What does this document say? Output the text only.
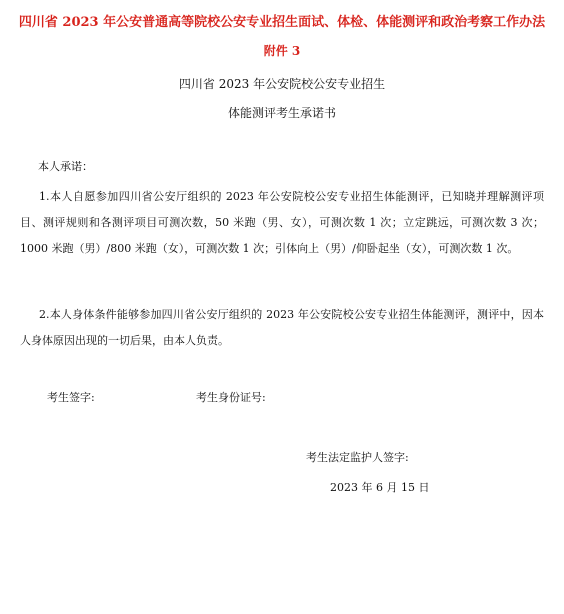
四川省 2023 年公安普通高等院校公安专业招生面试、体检、体能测评和政治考察工作办法
附件 3
四川省 2023 年公安院校公安专业招生
体能测评考生承诺书
本人承诺：
1.本人自愿参加四川省公安厅组织的 2023 年公安院校公安专业招生体能测评，已知晓并理解测评项目、测评规则和各测评项目可测次数，50 米跑（男、女），可测次数 1 次；立定跳远，可测次数 3 次；1000 米跑（男）/800 米跑（女），可测次数 1 次；引体向上（男）/仰卧起坐（女），可测次数 1 次。
2.本人身体条件能够参加四川省公安厅组织的 2023 年公安院校公安专业招生体能测评，测评中，因本人身体原因出现的一切后果，由本人负责。
考生签字:	考生身份证号:
考生法定监护人签字:
2023 年 6 月 15 日
